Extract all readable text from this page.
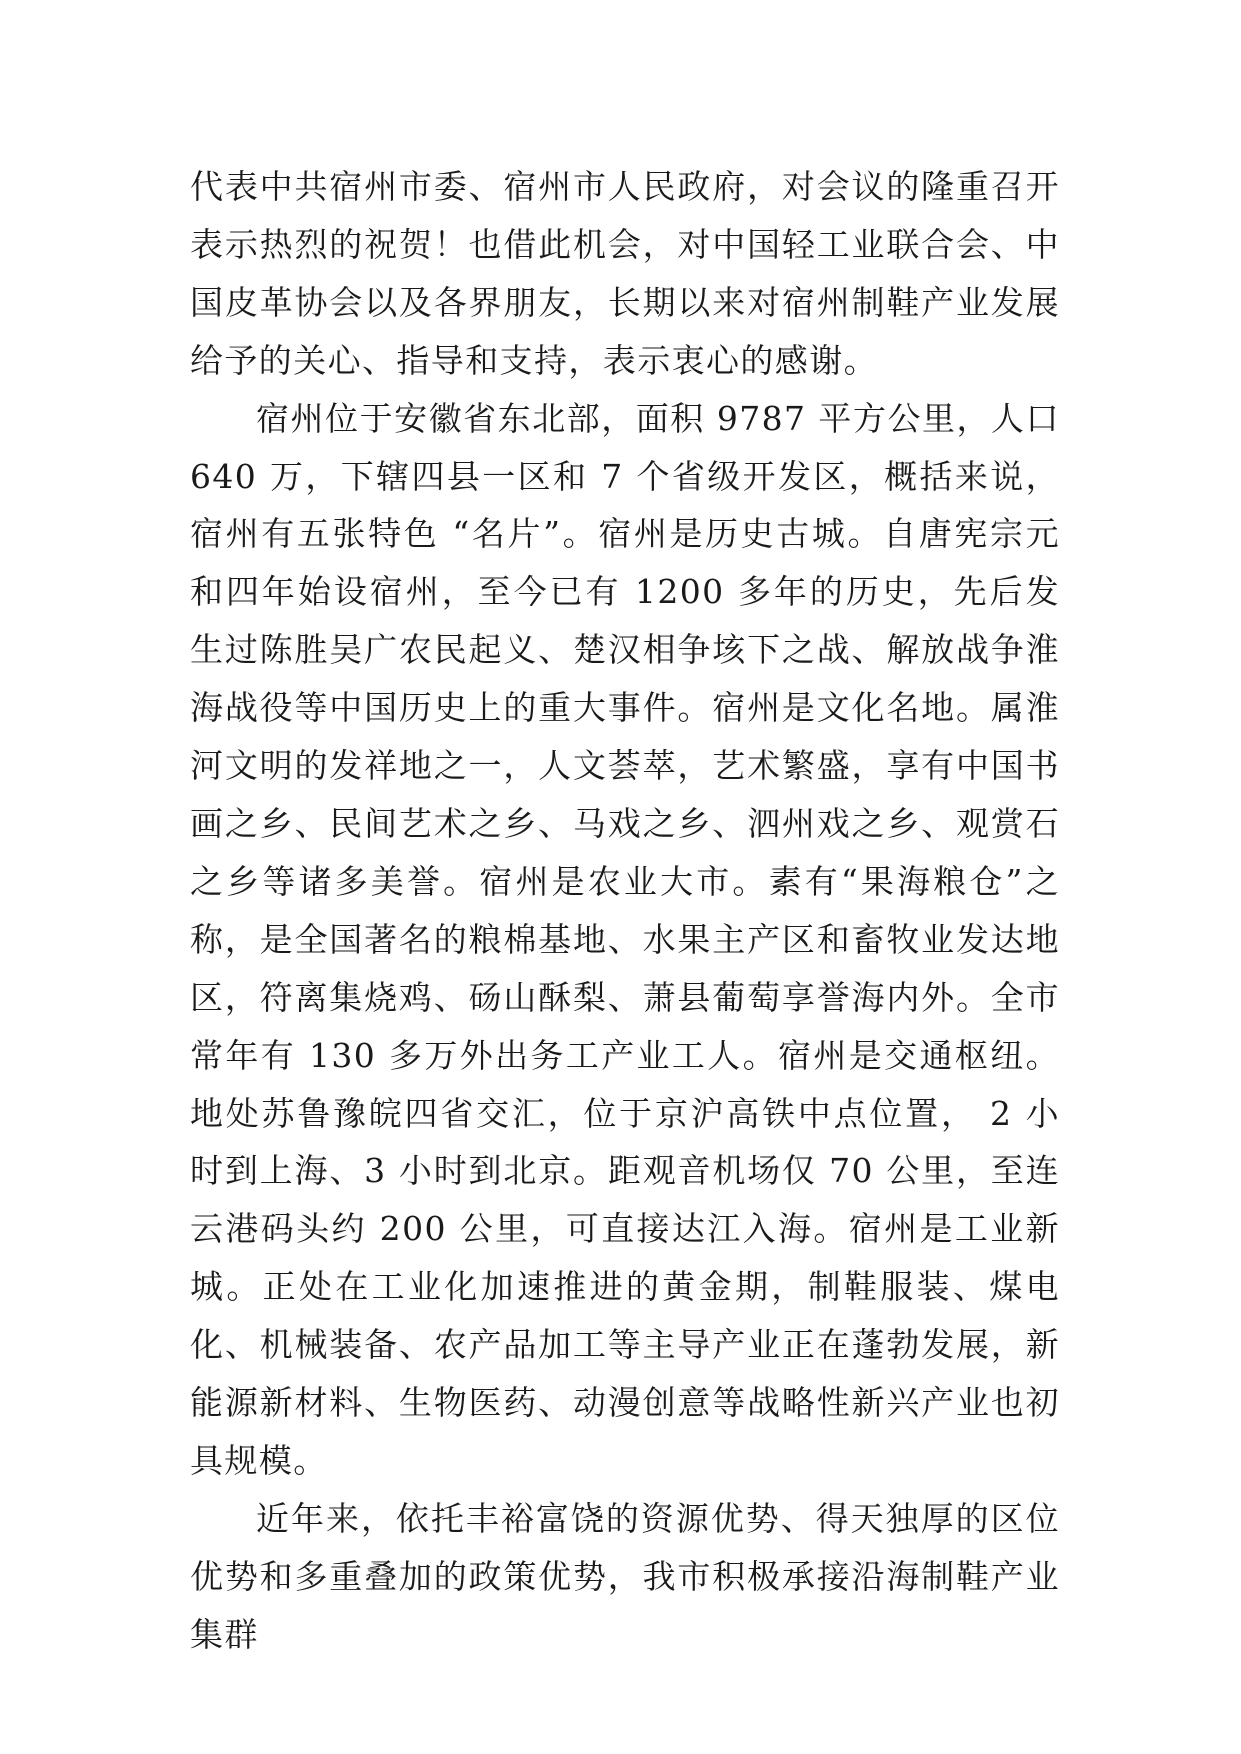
代表中共宿州市委、宿州市人民政府，对会议的隆重召开表示热烈的祝贺！也借此机会，对中国轻工业联合会、中国皮革协会以及各界朋友，长期以来对宿州制鞋产业发展给予的关心、指导和支持，表示衷心的感谢。

宿州位于安徽省东北部，面积 9787 平方公里，人口 640 万，下辖四县一区和 7 个省级开发区，概括来说，宿州有五张特色 “名片”。宿州是历史古城。自唐宪宗元和四年始设宿州，至今已有 1200 多年的历史，先后发生过陈胜吴广农民起义、楚汉相争垓下之战、解放战争淮海战役等中国历史上的重大事件。宿州是文化名地。属淮河文明的发祥地之一，人文荟萃，艺术繁盛，享有中国书画之乡、民间艺术之乡、马戏之乡、泗州戏之乡、观赏石之乡等诸多美誉。宿州是农业大市。素有“果海粮仓”之称，是全国著名的粮棉基地、水果主产区和畜牧业发达地区，符离集烧鸡、砀山酥梨、萧县葡萄享誉海内外。全市常年有 130 多万外出务工产业工人。宿州是交通枢纽。地处苏鲁豫皖四省交汇，位于京沪高铁中点位置， 2 小时到上海、3 小时到北京。距观音机场仅 70 公里，至连云港码头约 200 公里，可直接达江入海。宿州是工业新城。正处在工业化加速推进的黄金期，制鞋服装、煤电化、机械装备、农产品加工等主导产业正在蓬勃发展，新能源新材料、生物医药、动漫创意等战略性新兴产业也初具规模。

近年来，依托丰裕富饶的资源优势、得天独厚的区位优势和多重叠加的政策优势，我市积极承接沿海制鞋产业集群
